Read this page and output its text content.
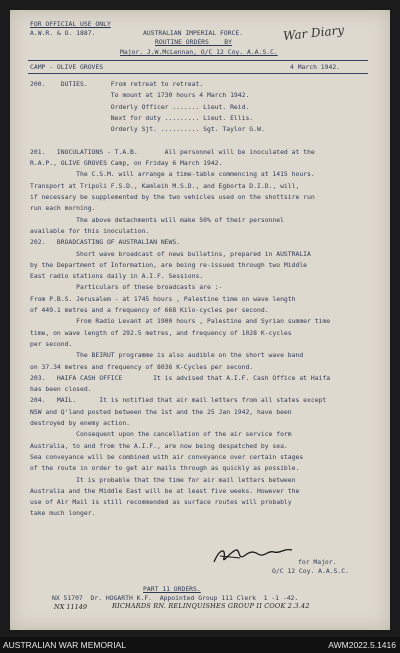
FOR OFFICIAL USE ONLY
A.W.R. & O. 1887.	AUSTRALIAN IMPERIAL FORCE.
ROUTINE ORDERS    BY
Major. J.W.McLennan, O/C 12 Coy. A.A.S.C.
War Diary
CAMP - OLIVE GROVES	4 March 1942.
200.    DUTIES.      From retreat to retreat.
To mount at 1730 hours 4 March 1942.
Orderly Officer ....... Lieut. Reid.
Next for duty ......... Lieut. Ellis.
Orderly Sjt. .......... Sgt. Taylor G.W.
201.   INOCULATIONS - T.A.B.       All personnel will be inoculated at the
R.A.P., OLIVE GROVES Camp, on Friday 6 March 1942.
The C.S.M. will arrange a time-table commencing at 1415 hours.
Transport at Tripoli F.S.D., Kamleih M.S.D., and Egborta D.I.D., will,
if necessary be supplemented by the two vehicles used on the shottsire run
run each morning.
The above detachments will make 50% of their personnel
available for this inoculation.
202.   BROADCASTING OF AUSTRALIAN NEWS.
Short wave broadcast of news bulletins, prepared in AUSTRALIA
by the Department of Information, are being re-issued through two Middle
East radio stations daily in A.I.F. Sessions.
Particulars of these broadcasts are :-
From P.B.S. Jerusalem - at 1745 hours , Palestine time on wave length
of 449.1 metres and a frequency of 668 Kilo-cycles per second.
From Radio Levant at 1900 hours , Palestine and Syrian summer time
time, on wave length of 292.5 metres, and frequency of 1028 K-cycles
per second.
The BEIRUT programme is also audible on the short wave band
on 37.34 metres and frequency of 8036 K-Cycles per second.
203.   HAIFA CASH OFFICE        It is advised that A.I.F. Cash Office at Haifa
has been closed.
204.   MAIL.      It is notified that air mail letters from all states except
NSW and Q'land posted between the 1st and the 25 Jan 1942, have been
destroyed by enemy action.
Consequent upon the cancellation of the air service form
Australia, to and from the A.I.F., are now being despatched by sea.
Sea conveyance will be combined with air conveyance over certain stages
of the route in order to get air mails through as quickly as possible.
It is probable that the time for air mail letters between
Australia and the Middle East will be at least five weeks. However the
use of Air Mail is still recommended as surface routes will probably
take much longer.
for Major.
O/C 12 Coy. A.A.S.C.
PART 11 ORDERS.
NX 51707  Dr. HOGARTH K.F.  Appointed Group 111 Clerk  1 -1 -42.
NX 11149	RICHARDS RN. RELINQUISHES GROUP II COOK 2.3.42
AUSTRALIAN WAR MEMORIAL	AWM2022.5.1416
